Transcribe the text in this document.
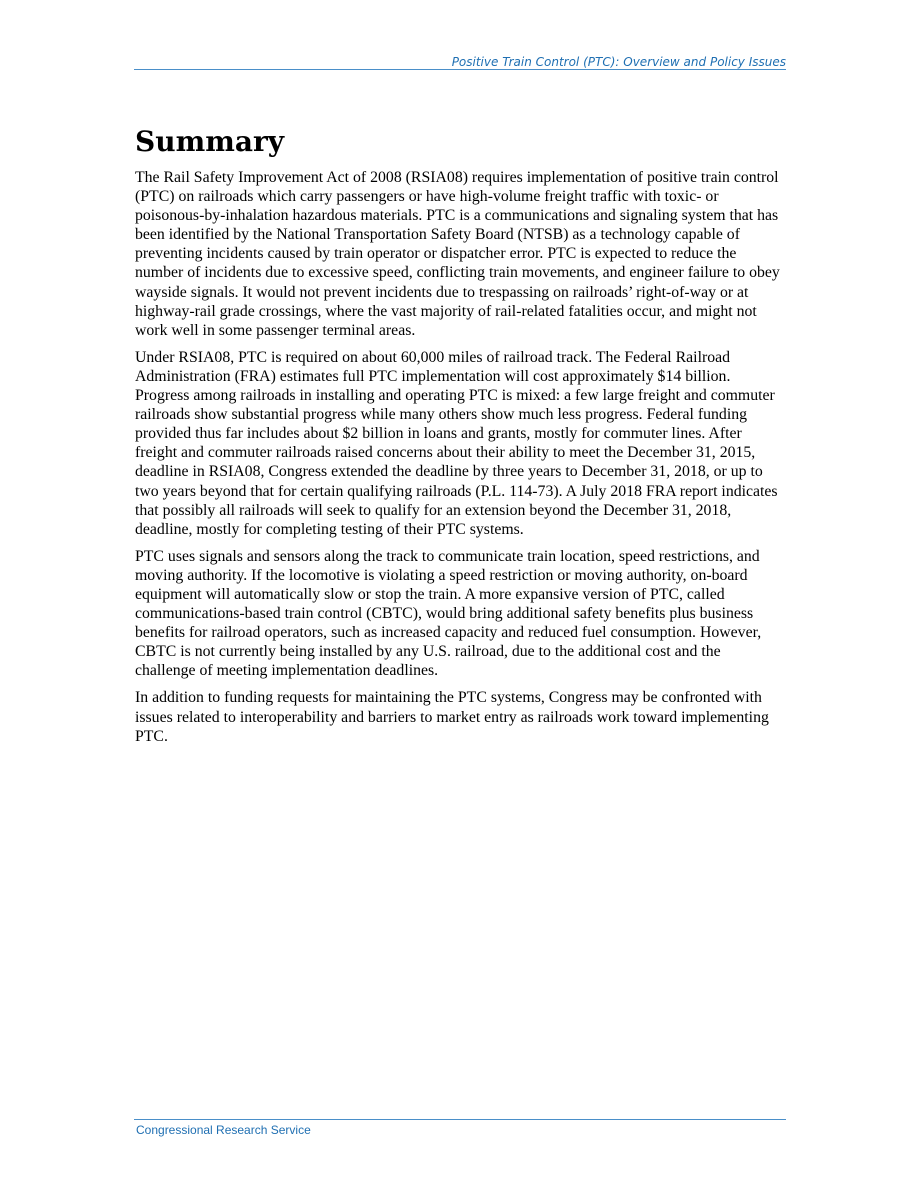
Positive Train Control (PTC): Overview and Policy Issues
Summary

The Rail Safety Improvement Act of 2008 (RSIA08) requires implementation of positive train control (PTC) on railroads which carry passengers or have high-volume freight traffic with toxic- or poisonous-by-inhalation hazardous materials. PTC is a communications and signaling system that has been identified by the National Transportation Safety Board (NTSB) as a technology capable of preventing incidents caused by train operator or dispatcher error. PTC is expected to reduce the number of incidents due to excessive speed, conflicting train movements, and engineer failure to obey wayside signals. It would not prevent incidents due to trespassing on railroads’ right-of-way or at highway-rail grade crossings, where the vast majority of rail-related fatalities occur, and might not work well in some passenger terminal areas.

Under RSIA08, PTC is required on about 60,000 miles of railroad track. The Federal Railroad Administration (FRA) estimates full PTC implementation will cost approximately $14 billion. Progress among railroads in installing and operating PTC is mixed: a few large freight and commuter railroads show substantial progress while many others show much less progress. Federal funding provided thus far includes about $2 billion in loans and grants, mostly for commuter lines. After freight and commuter railroads raised concerns about their ability to meet the December 31, 2015, deadline in RSIA08, Congress extended the deadline by three years to December 31, 2018, or up to two years beyond that for certain qualifying railroads (P.L. 114-73). A July 2018 FRA report indicates that possibly all railroads will seek to qualify for an extension beyond the December 31, 2018, deadline, mostly for completing testing of their PTC systems.

PTC uses signals and sensors along the track to communicate train location, speed restrictions, and moving authority. If the locomotive is violating a speed restriction or moving authority, on-board equipment will automatically slow or stop the train. A more expansive version of PTC, called communications-based train control (CBTC), would bring additional safety benefits plus business benefits for railroad operators, such as increased capacity and reduced fuel consumption. However, CBTC is not currently being installed by any U.S. railroad, due to the additional cost and the challenge of meeting implementation deadlines.

In addition to funding requests for maintaining the PTC systems, Congress may be confronted with issues related to interoperability and barriers to market entry as railroads work toward implementing PTC.

Congressional Research Service
